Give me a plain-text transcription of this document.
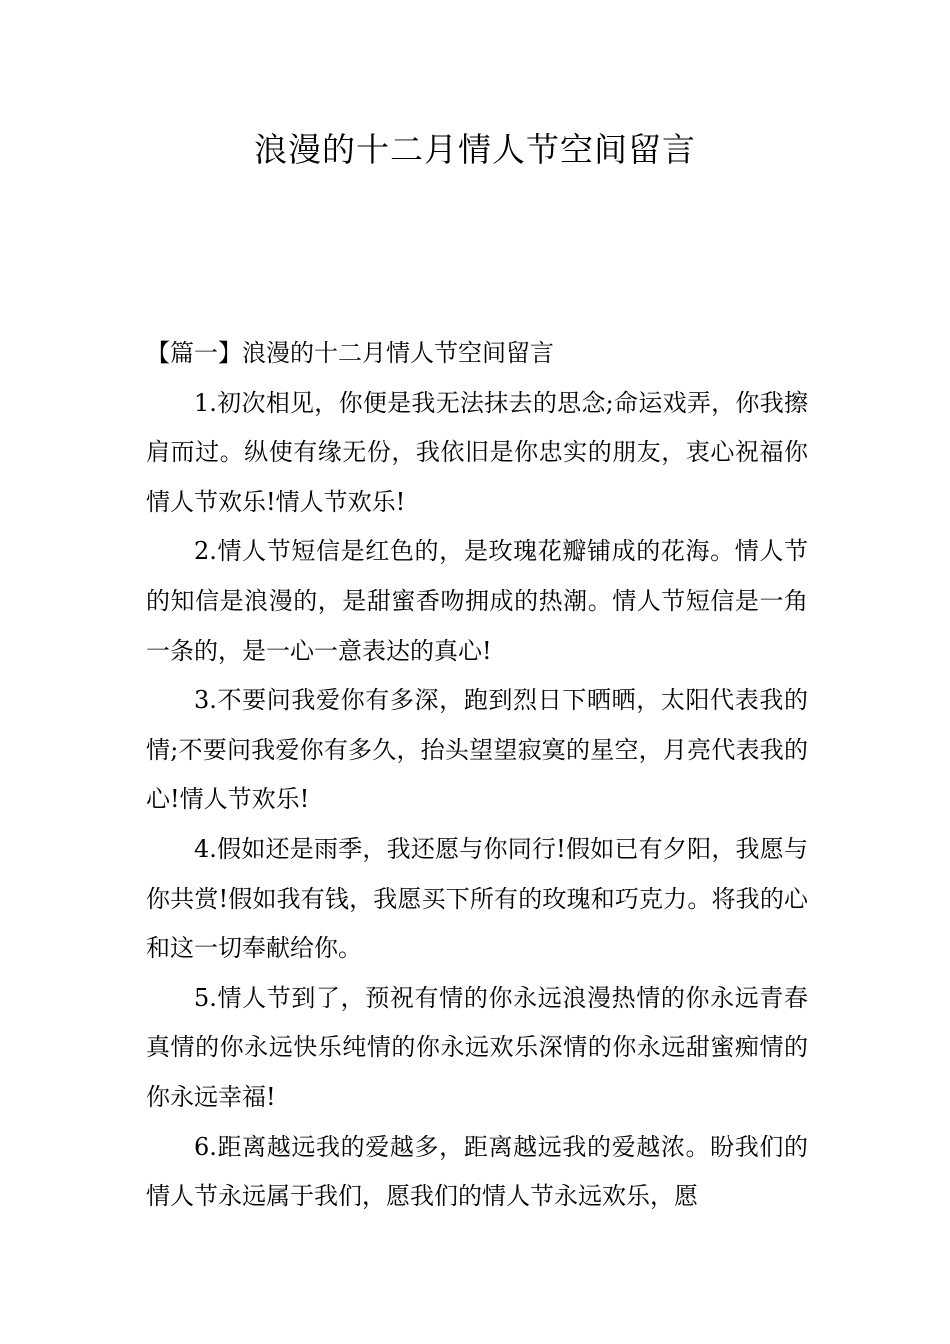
浪漫的十二月情人节空间留言

【篇一】浪漫的十二月情人节空间留言

1.初次相见，你便是我无法抹去的思念;命运戏弄，你我擦肩而过。纵使有缘无份，我依旧是你忠实的朋友，衷心祝福你情人节欢乐!情人节欢乐!

2.情人节短信是红色的，是玫瑰花瓣铺成的花海。情人节的知信是浪漫的，是甜蜜香吻拥成的热潮。情人节短信是一角一条的，是一心一意表达的真心!

3.不要问我爱你有多深，跑到烈日下晒晒，太阳代表我的情;不要问我爱你有多久，抬头望望寂寞的星空，月亮代表我的心!情人节欢乐!

4.假如还是雨季，我还愿与你同行!假如已有夕阳，我愿与你共赏!假如我有钱，我愿买下所有的玫瑰和巧克力。将我的心和这一切奉献给你。

5.情人节到了，预祝有情的你永远浪漫热情的你永远青春真情的你永远快乐纯情的你永远欢乐深情的你永远甜蜜痴情的你永远幸福!

6.距离越远我的爱越多，距离越远我的爱越浓。盼我们的情人节永远属于我们，愿我们的情人节永远欢乐，愿
